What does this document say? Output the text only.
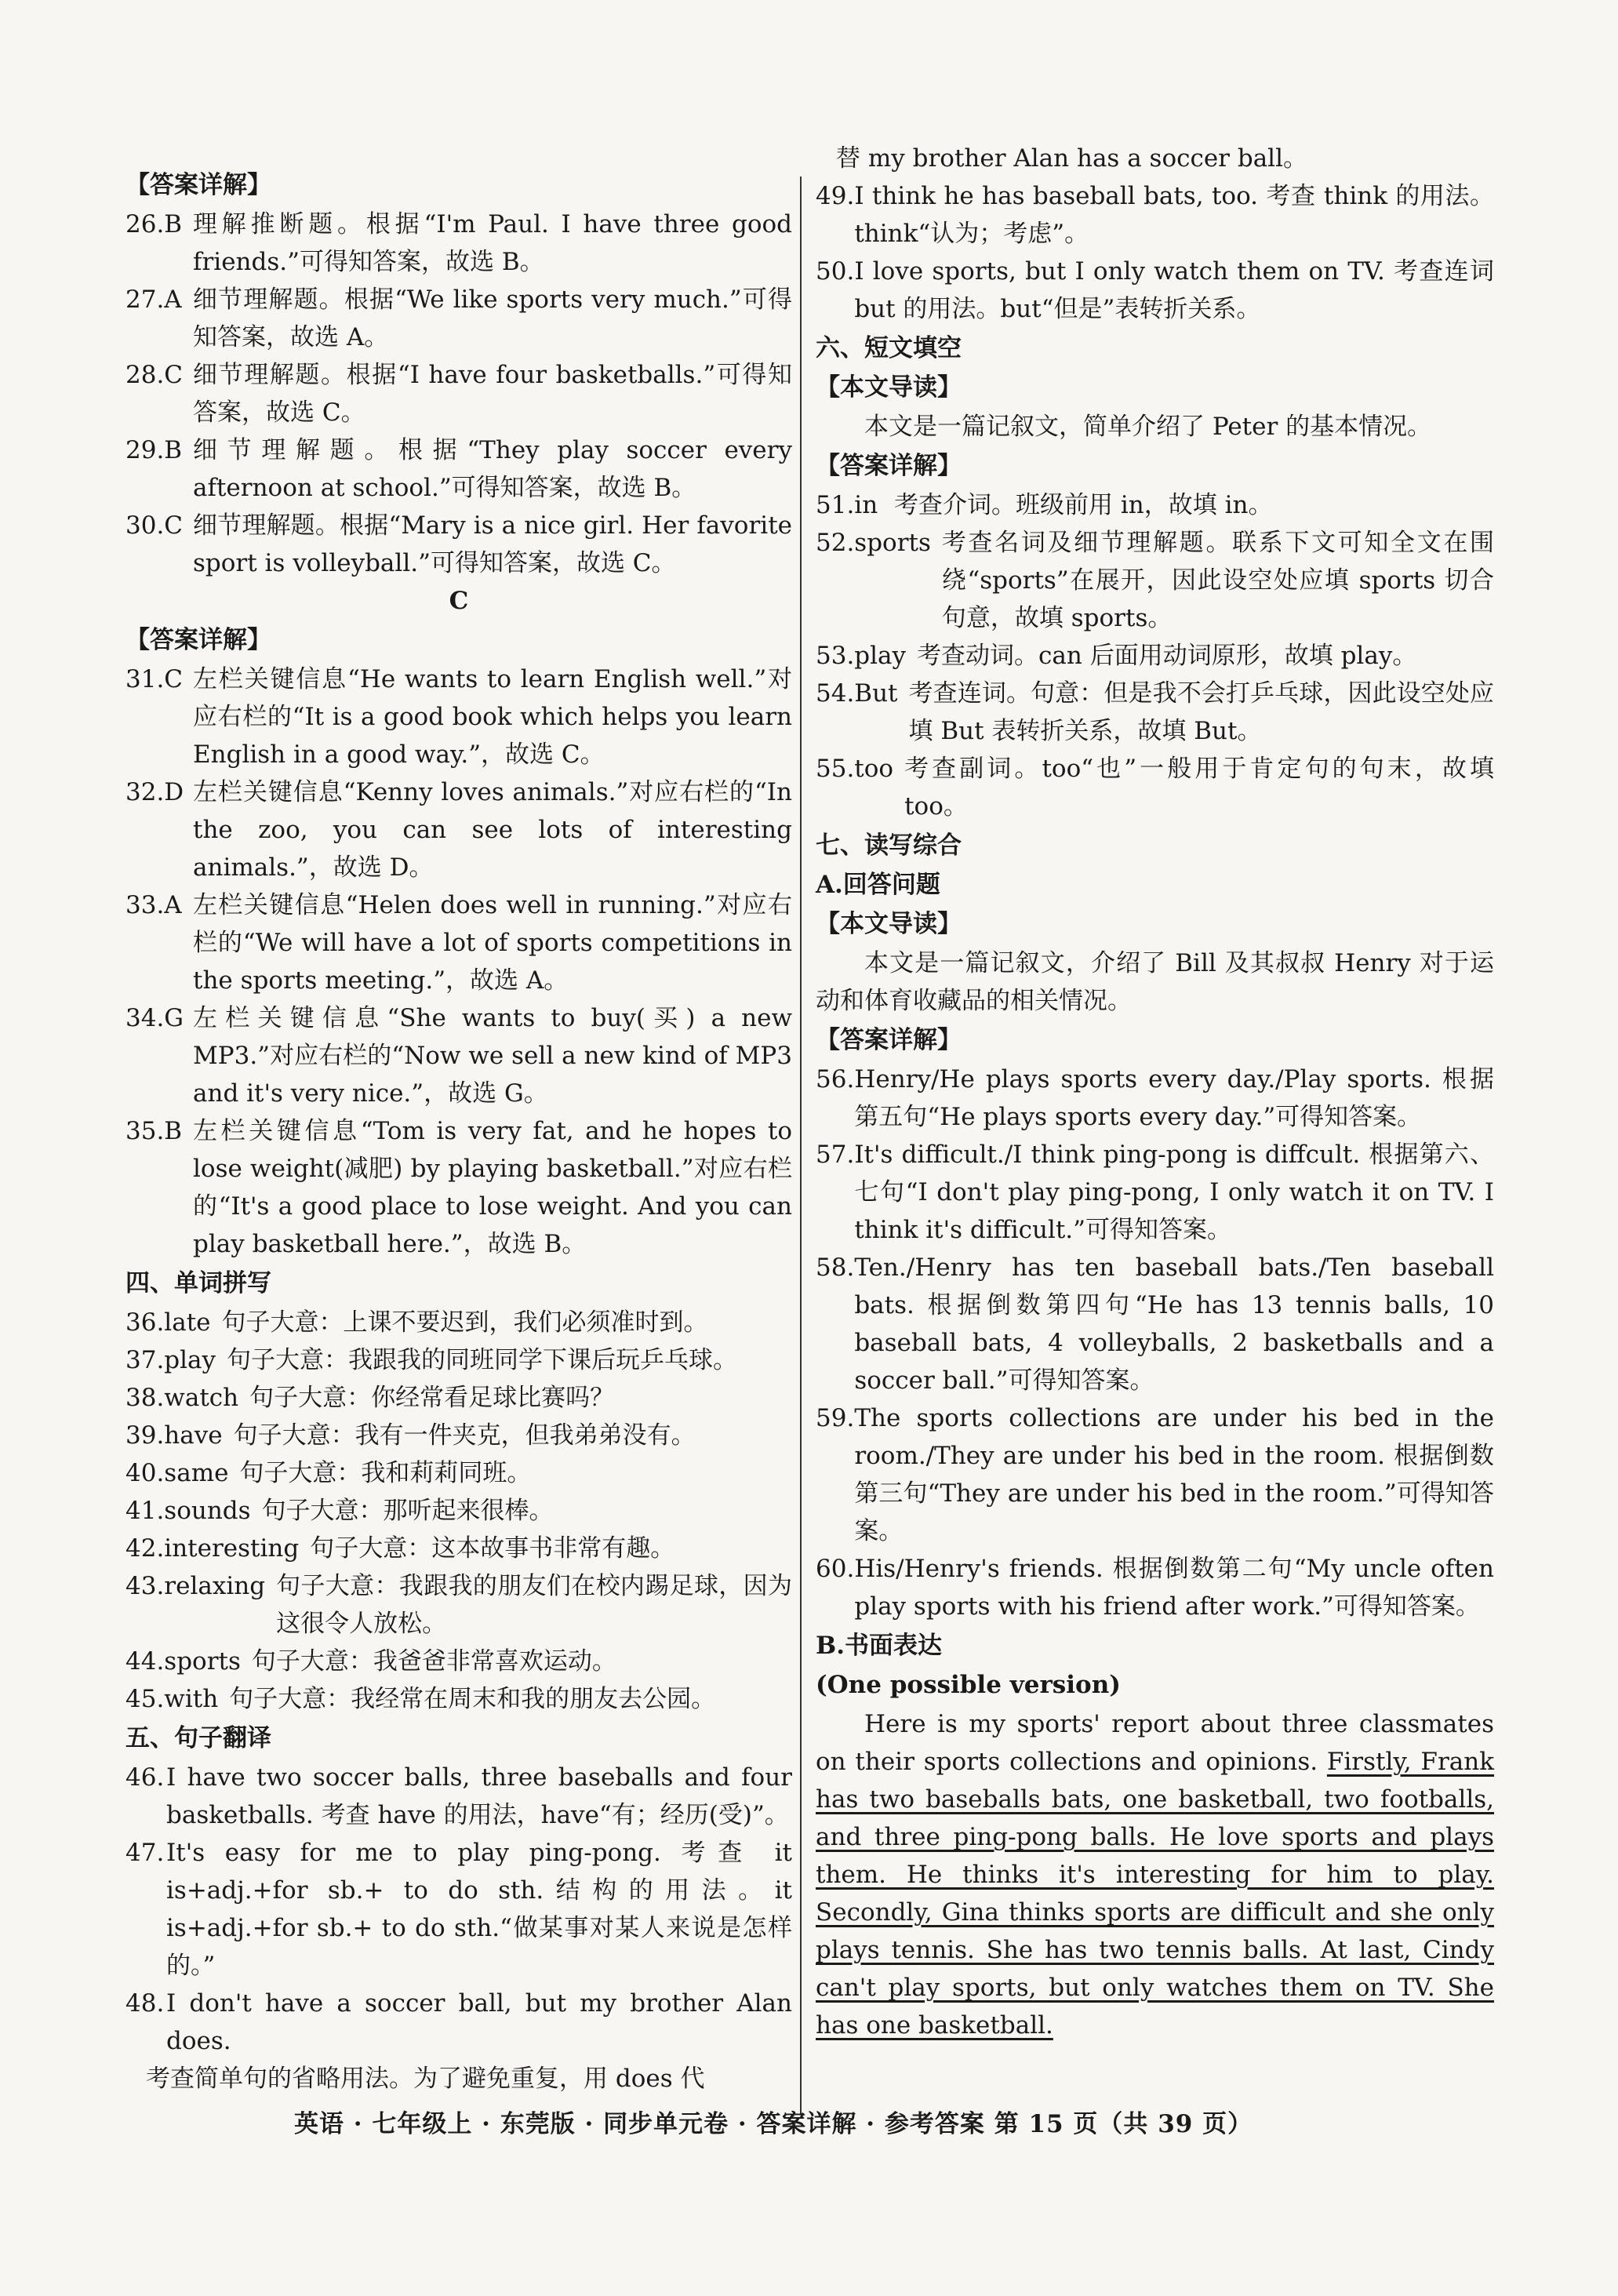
【答案详解】
26.B 理解推断题。根据“I'm Paul. I have three good friends.”可得知答案，故选 B。
27.A 细节理解题。根据“We like sports very much.”可得知答案，故选 A。
28.C 细节理解题。根据“I have four basketballs.”可得知答案，故选 C。
29.B 细节理解题。根据“They play soccer every afternoon at school.”可得知答案，故选 B。
30.C 细节理解题。根据“Mary is a nice girl. Her favorite sport is volleyball.”可得知答案，故选 C。
C
【答案详解】
31.C 左栏关键信息“He wants to learn English well.”对应右栏的“It is a good book which helps you learn English in a good way.”，故选 C。
32.D 左栏关键信息“Kenny loves animals.”对应右栏的“In the zoo, you can see lots of interesting animals.”，故选 D。
33.A 左栏关键信息“Helen does well in running.”对应右栏的“We will have a lot of sports competitions in the sports meeting.”，故选 A。
34.G 左栏关键信息“She wants to buy(买) a new MP3.”对应右栏的“Now we sell a new kind of MP3 and it's very nice.”，故选 G。
35.B 左栏关键信息“Tom is very fat, and he hopes to lose weight(减肥) by playing basketball.”对应右栏的“It's a good place to lose weight. And you can play basketball here.”，故选 B。
四、单词拼写
36.late 句子大意：上课不要迟到，我们必须准时到。
37.play 句子大意：我跟我的同班同学下课后玩乒乓球。
38.watch 句子大意：你经常看足球比赛吗？
39.have 句子大意：我有一件夹克，但我弟弟没有。
40.same 句子大意：我和莉莉同班。
41.sounds 句子大意：那听起来很棒。
42.interesting 句子大意：这本故事书非常有趣。
43.relaxing 句子大意：我跟我的朋友们在校内踢足球，因为这很令人放松。
44.sports 句子大意：我爸爸非常喜欢运动。
45.with 句子大意：我经常在周末和我的朋友去公园。
五、句子翻译
46. I have two soccer balls, three baseballs and four basketballs. 考查 have 的用法，have“有；经历(受)”。
47. It's easy for me to play ping-pong. 考查 it is+adj.+for sb.+ to do sth.结构的用法。it is+adj.+for sb.+ to do sth.“做某事对某人来说是怎样的。”
48. I don't have a soccer ball, but my brother Alan does.
考查简单句的省略用法。为了避免重复，用 does 代
替 my brother Alan has a soccer ball。
49. I think he has baseball bats, too. 考查 think 的用法。think“认为；考虑”。
50. I love sports, but I only watch them on TV. 考查连词 but 的用法。but“但是”表转折关系。
六、短文填空
【本文导读】
本文是一篇记叙文，简单介绍了 Peter 的基本情况。
【答案详解】
51.in 考查介词。班级前用 in，故填 in。
52.sports 考查名词及细节理解题。联系下文可知全文在围绕“sports”在展开，因此设空处应填 sports 切合句意，故填 sports。
53.play 考查动词。can 后面用动词原形，故填 play。
54.But 考查连词。句意：但是我不会打乒乓球，因此设空处应填 But 表转折关系，故填 But。
55.too 考查副词。too“也”一般用于肯定句的句末，故填 too。
七、读写综合
A.回答问题
【本文导读】
本文是一篇记叙文，介绍了 Bill 及其叔叔 Henry 对于运动和体育收藏品的相关情况。
【答案详解】
56. Henry/He plays sports every day./Play sports. 根据第五句“He plays sports every day.”可得知答案。
57. It's difficult./I think ping-pong is diffcult. 根据第六、七句“I don't play ping-pong, I only watch it on TV. I think it's difficult.”可得知答案。
58. Ten./Henry has ten baseball bats./Ten baseball bats. 根据倒数第四句“He has 13 tennis balls, 10 baseball bats, 4 volleyballs, 2 basketballs and a soccer ball.”可得知答案。
59. The sports collections are under his bed in the room./They are under his bed in the room. 根据倒数第三句“They are under his bed in the room.”可得知答案。
60. His/Henry's friends. 根据倒数第二句“My uncle often play sports with his friend after work.”可得知答案。
B.书面表达
(One possible version)
Here is my sports' report about three classmates on their sports collections and opinions. Firstly, Frank has two baseballs bats, one basketball, two footballs, and three ping-pong balls. He love sports and plays them. He thinks it's interesting for him to play. Secondly, Gina thinks sports are difficult and she only plays tennis. She has two tennis balls. At last, Cindy can't play sports, but only watches them on TV. She has one basketball.
英语 · 七年级上 · 东莞版 · 同步单元卷 · 答案详解 · 参考答案 第 15 页（共 39 页）
